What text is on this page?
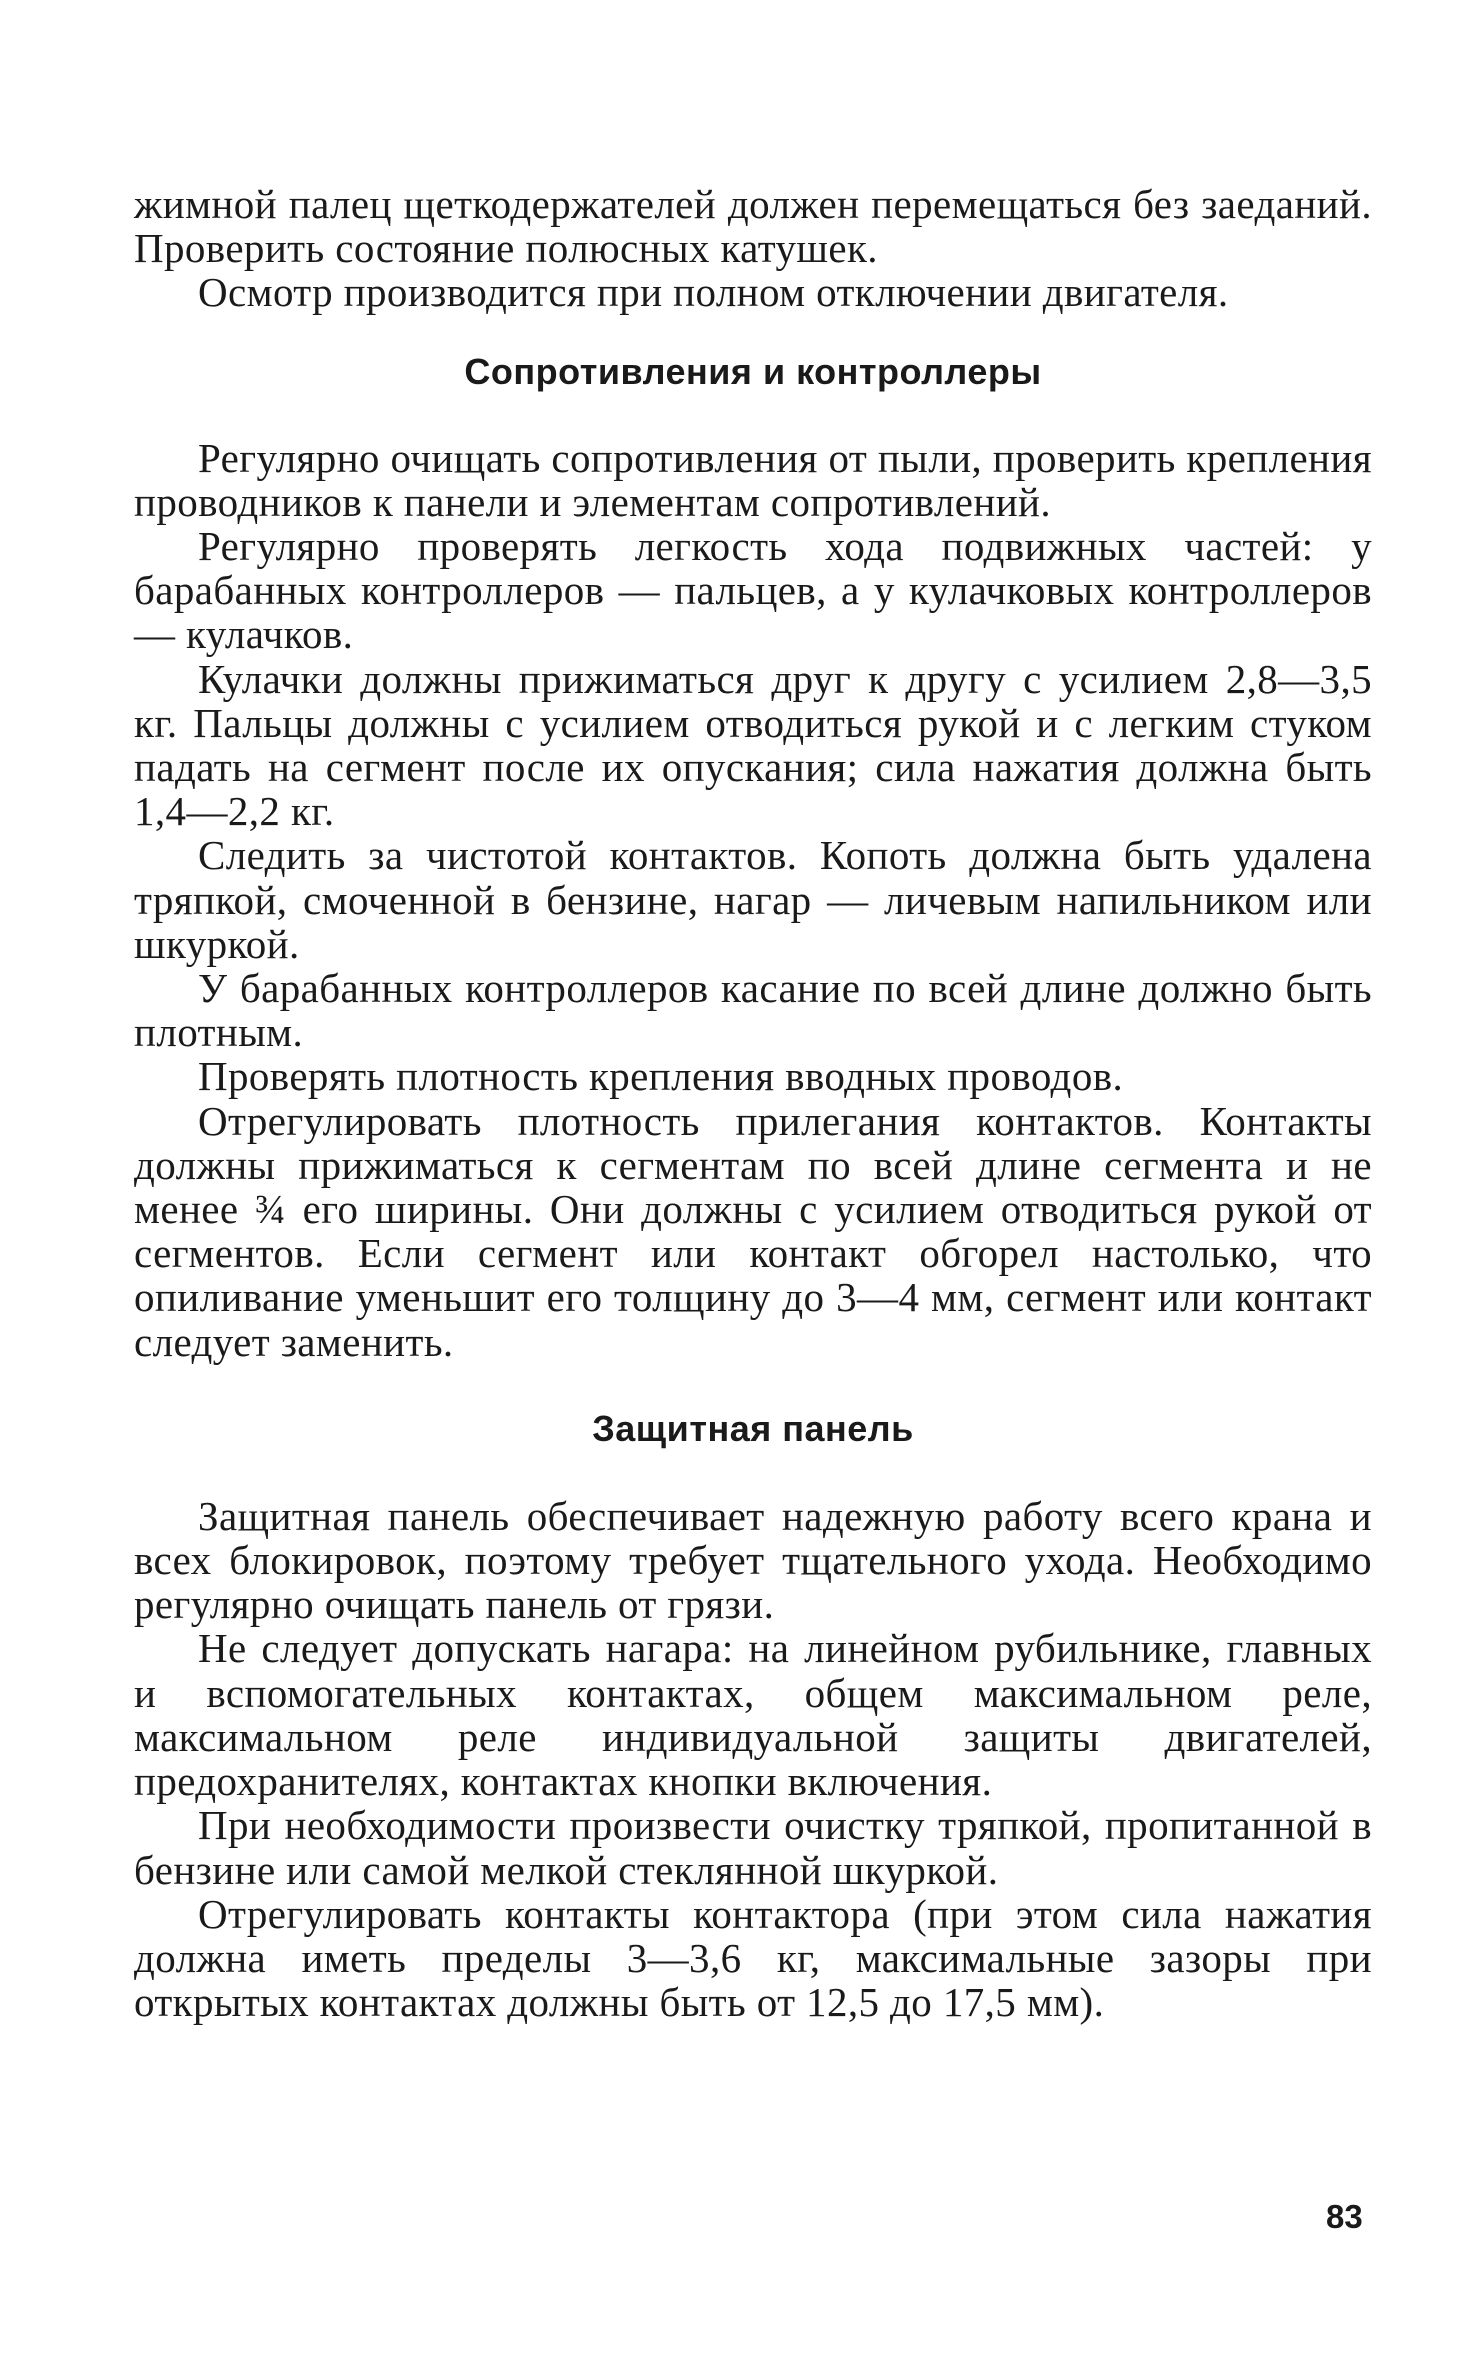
жимной палец щеткодержателей должен перемещаться без заеданий. Проверить состояние полюсных катушек.

Осмотр производится при полном отключении двигателя.

Сопротивления и контроллеры

Регулярно очищать сопротивления от пыли, проверить крепления проводников к панели и элементам сопротивлений.

Регулярно проверять легкость хода подвижных частей: у барабанных контроллеров — пальцев, а у кулачковых контроллеров — кулачков.

Кулачки должны прижиматься друг к другу с усилием 2,8—3,5 кг. Пальцы должны с усилием отводиться рукой и с легким стуком падать на сегмент после их опускания; сила нажатия должна быть 1,4—2,2 кг.

Следить за чистотой контактов. Копоть должна быть удалена тряпкой, смоченной в бензине, нагар — личевым напильником или шкуркой.

У барабанных контроллеров касание по всей длине должно быть плотным.

Проверять плотность крепления вводных проводов.

Отрегулировать плотность прилегания контактов. Контакты должны прижиматься к сегментам по всей длине сегмента и не менее ¾ его ширины. Они должны с усилием отводиться рукой от сегментов. Если сегмент или контакт обгорел настолько, что опиливание уменьшит его толщину до 3—4 мм, сегмент или контакт следует заменить.

Защитная панель

Защитная панель обеспечивает надежную работу всего крана и всех блокировок, поэтому требует тщательного ухода. Необходимо регулярно очищать панель от грязи.

Не следует допускать нагара: на линейном рубильнике, главных и вспомогательных контактах, общем максимальном реле, максимальном реле индивидуальной защиты двигателей, предохранителях, контактах кнопки включения.

При необходимости произвести очистку тряпкой, пропитанной в бензине или самой мелкой стеклянной шкуркой.

Отрегулировать контакты контактора (при этом сила нажатия должна иметь пределы 3—3,6 кг, максимальные зазоры при открытых контактах должны быть от 12,5 до 17,5 мм).

83
